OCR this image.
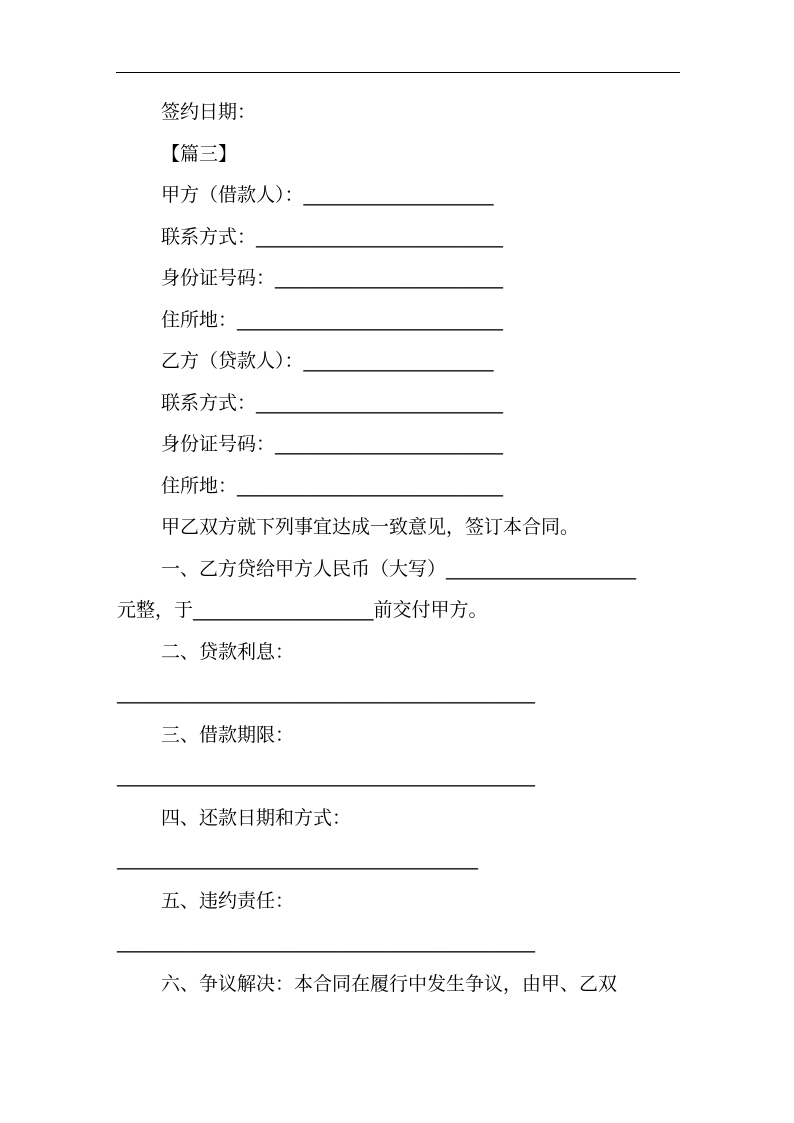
签约日期：
【篇三】
甲方（借款人）：____________________
联系方式：__________________________
身份证号码：________________________
住所地：____________________________
乙方（贷款人）：____________________
联系方式：__________________________
身份证号码：________________________
住所地：____________________________
甲乙双方就下列事宜达成一致意见，签订本合同。
一、乙方贷给甲方人民币（大写）____________________
元整，于___________________前交付甲方。
二、贷款利息：
____________________________________________
三、借款期限：
____________________________________________
四、还款日期和方式：
______________________________________
五、违约责任：
____________________________________________
六、争议解决：本合同在履行中发生争议，由甲、乙双
